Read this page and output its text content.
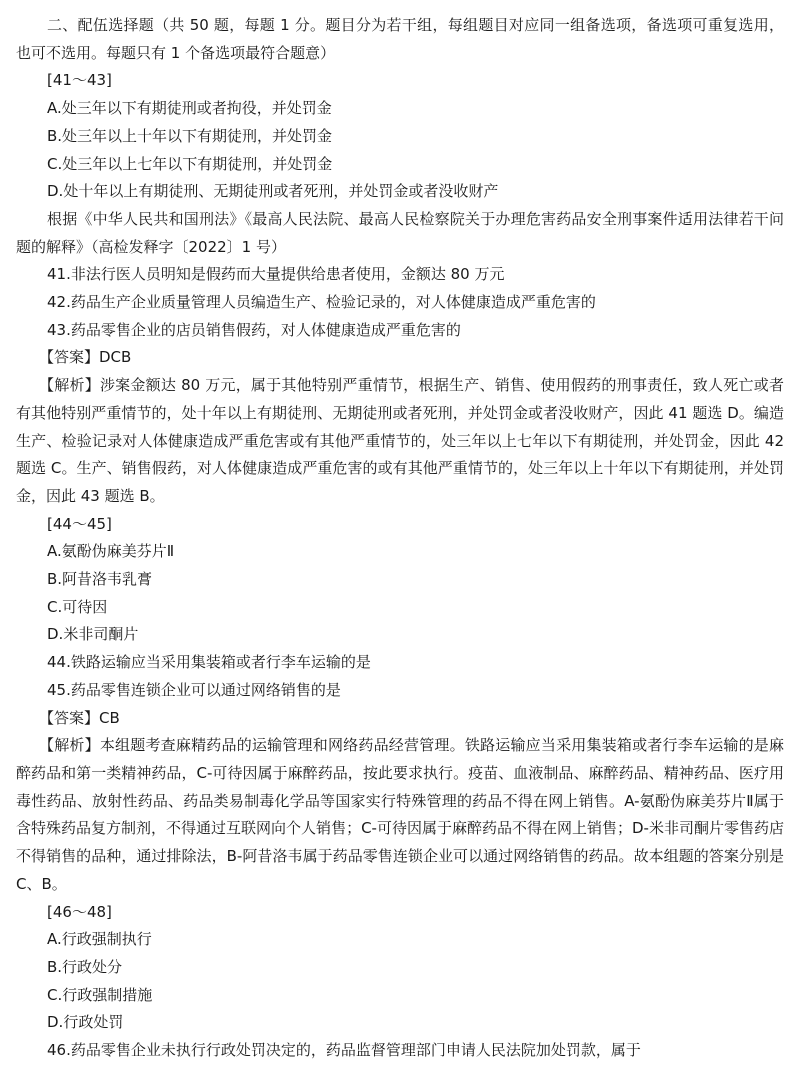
二、配伍选择题（共 50 题，每题 1 分。题目分为若干组，每组题目对应同一组备选项，备选项可重复选用，也可不选用。每题只有 1 个备选项最符合题意）

[41～43]

A.处三年以下有期徒刑或者拘役，并处罚金

B.处三年以上十年以下有期徒刑，并处罚金

C.处三年以上七年以下有期徒刑，并处罚金

D.处十年以上有期徒刑、无期徒刑或者死刑，并处罚金或者没收财产

根据《中华人民共和国刑法》《最高人民法院、最高人民检察院关于办理危害药品安全刑事案件适用法律若干问题的解释》（高检发释字〔2022〕1 号）

41.非法行医人员明知是假药而大量提供给患者使用，金额达 80 万元

42.药品生产企业质量管理人员编造生产、检验记录的，对人体健康造成严重危害的

43.药品零售企业的店员销售假药，对人体健康造成严重危害的

【答案】DCB

【解析】涉案金额达 80 万元，属于其他特别严重情节，根据生产、销售、使用假药的刑事责任，致人死亡或者有其他特别严重情节的，处十年以上有期徒刑、无期徒刑或者死刑，并处罚金或者没收财产，因此 41 题选 D。编造生产、检验记录对人体健康造成严重危害或有其他严重情节的，处三年以上七年以下有期徒刑，并处罚金，因此 42 题选 C。生产、销售假药，对人体健康造成严重危害的或有其他严重情节的，处三年以上十年以下有期徒刑，并处罚金，因此 43 题选 B。

[44～45]

A.氨酚伪麻美芬片Ⅱ

B.阿昔洛韦乳膏

C.可待因

D.米非司酮片

44.铁路运输应当采用集装箱或者行李车运输的是

45.药品零售连锁企业可以通过网络销售的是

【答案】CB

【解析】本组题考查麻精药品的运输管理和网络药品经营管理。铁路运输应当采用集装箱或者行李车运输的是麻醉药品和第一类精神药品，C-可待因属于麻醉药品，按此要求执行。疫苗、血液制品、麻醉药品、精神药品、医疗用毒性药品、放射性药品、药品类易制毒化学品等国家实行特殊管理的药品不得在网上销售。A-氨酚伪麻美芬片Ⅱ属于含特殊药品复方制剂，不得通过互联网向个人销售；C-可待因属于麻醉药品不得在网上销售；D-米非司酮片零售药店不得销售的品种，通过排除法，B-阿昔洛韦属于药品零售连锁企业可以通过网络销售的药品。故本组题的答案分别是 C、B。

[46～48]

A.行政强制执行

B.行政处分

C.行政强制措施

D.行政处罚

46.药品零售企业未执行行政处罚决定的，药品监督管理部门申请人民法院加处罚款，属于
